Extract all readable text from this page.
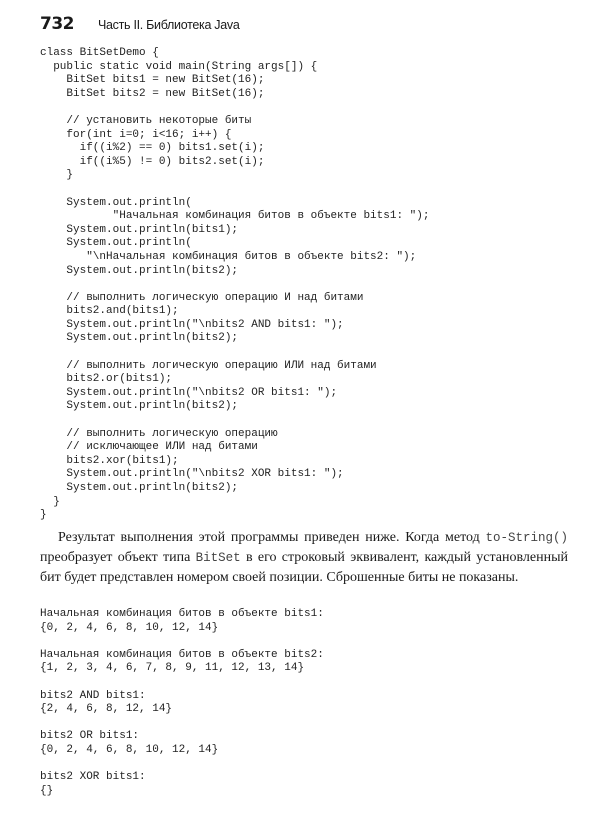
732	Часть II. Библиотека Java
class BitSetDemo {
public static void main(String args[]) {
BitSet bits1 = new BitSet(16);
BitSet bits2 = new BitSet(16);
// установить некоторые биты
for(int i=0; i<16; i++) {
if((i%2) == 0) bits1.set(i);
if((i%5) != 0) bits2.set(i);
}
System.out.println(
"Начальная комбинация битов в объекте bits1: ");
System.out.println(bits1);
System.out.println(
"\nНачальная комбинация битов в объекте bits2: ");
System.out.println(bits2);
// выполнить логическую операцию И над битами
bits2.and(bits1);
System.out.println("\nbits2 AND bits1: ");
System.out.println(bits2);
// выполнить логическую операцию ИЛИ над битами
bits2.or(bits1);
System.out.println("\nbits2 OR bits1: ");
System.out.println(bits2);
// выполнить логическую операцию
// исключающее ИЛИ над битами
bits2.xor(bits1);
System.out.println("\nbits2 XOR bits1: ");
System.out.println(bits2);
}
}
Результат выполнения этой программы приведен ниже. Когда метод to-String() преобразует объект типа BitSet в его строковый эквивалент, каждый установленный бит будет представлен номером своей позиции. Сброшенные биты не показаны.
Начальная комбинация битов в объекте bits1:
{0, 2, 4, 6, 8, 10, 12, 14}
Начальная комбинация битов в объекте bits2:
{1, 2, 3, 4, 6, 7, 8, 9, 11, 12, 13, 14}
bits2 AND bits1:
{2, 4, 6, 8, 12, 14}
bits2 OR bits1:
{0, 2, 4, 6, 8, 10, 12, 14}
bits2 XOR bits1:
{}
